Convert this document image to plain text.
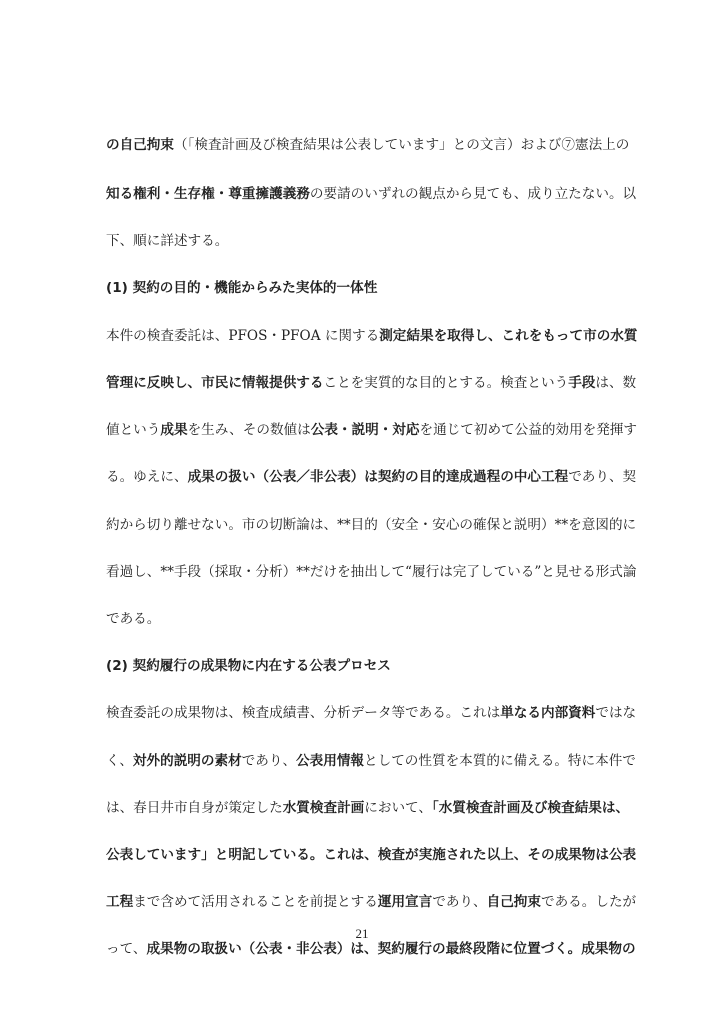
の自己拘束（「検査計画及び検査結果は公表しています」との文言）および⑦憲法上の
知る権利・生存権・尊重擁護義務の要請のいずれの観点から見ても、成り立たない。以
下、順に詳述する。
(1) 契約の目的・機能からみた実体的一体性
本件の検査委託は、PFOS・PFOA に関する測定結果を取得し、これをもって市の水質
管理に反映し、市民に情報提供することを実質的な目的とする。検査という手段は、数
値という成果を生み、その数値は公表・説明・対応を通じて初めて公益的効用を発揮す
る。ゆえに、成果の扱い（公表／非公表）は契約の目的達成過程の中心工程であり、契
約から切り離せない。市の切断論は、**目的（安全・安心の確保と説明）**を意図的に
看過し、**手段（採取・分析）**だけを抽出して“履行は完了している”と見せる形式論
である。
(2) 契約履行の成果物に内在する公表プロセス
検査委託の成果物は、検査成績書、分析データ等である。これは単なる内部資料ではな
く、対外的説明の素材であり、公表用情報としての性質を本質的に備える。特に本件で
は、春日井市自身が策定した水質検査計画において、「水質検査計画及び検査結果は、
公表しています」と明記している。これは、検査が実施された以上、その成果物は公表
工程まで含めて活用されることを前提とする運用宣言であり、自己拘束である。したが
って、成果物の取扱い（公表・非公表）は、契約履行の最終段階に位置づく。成果物の
21
